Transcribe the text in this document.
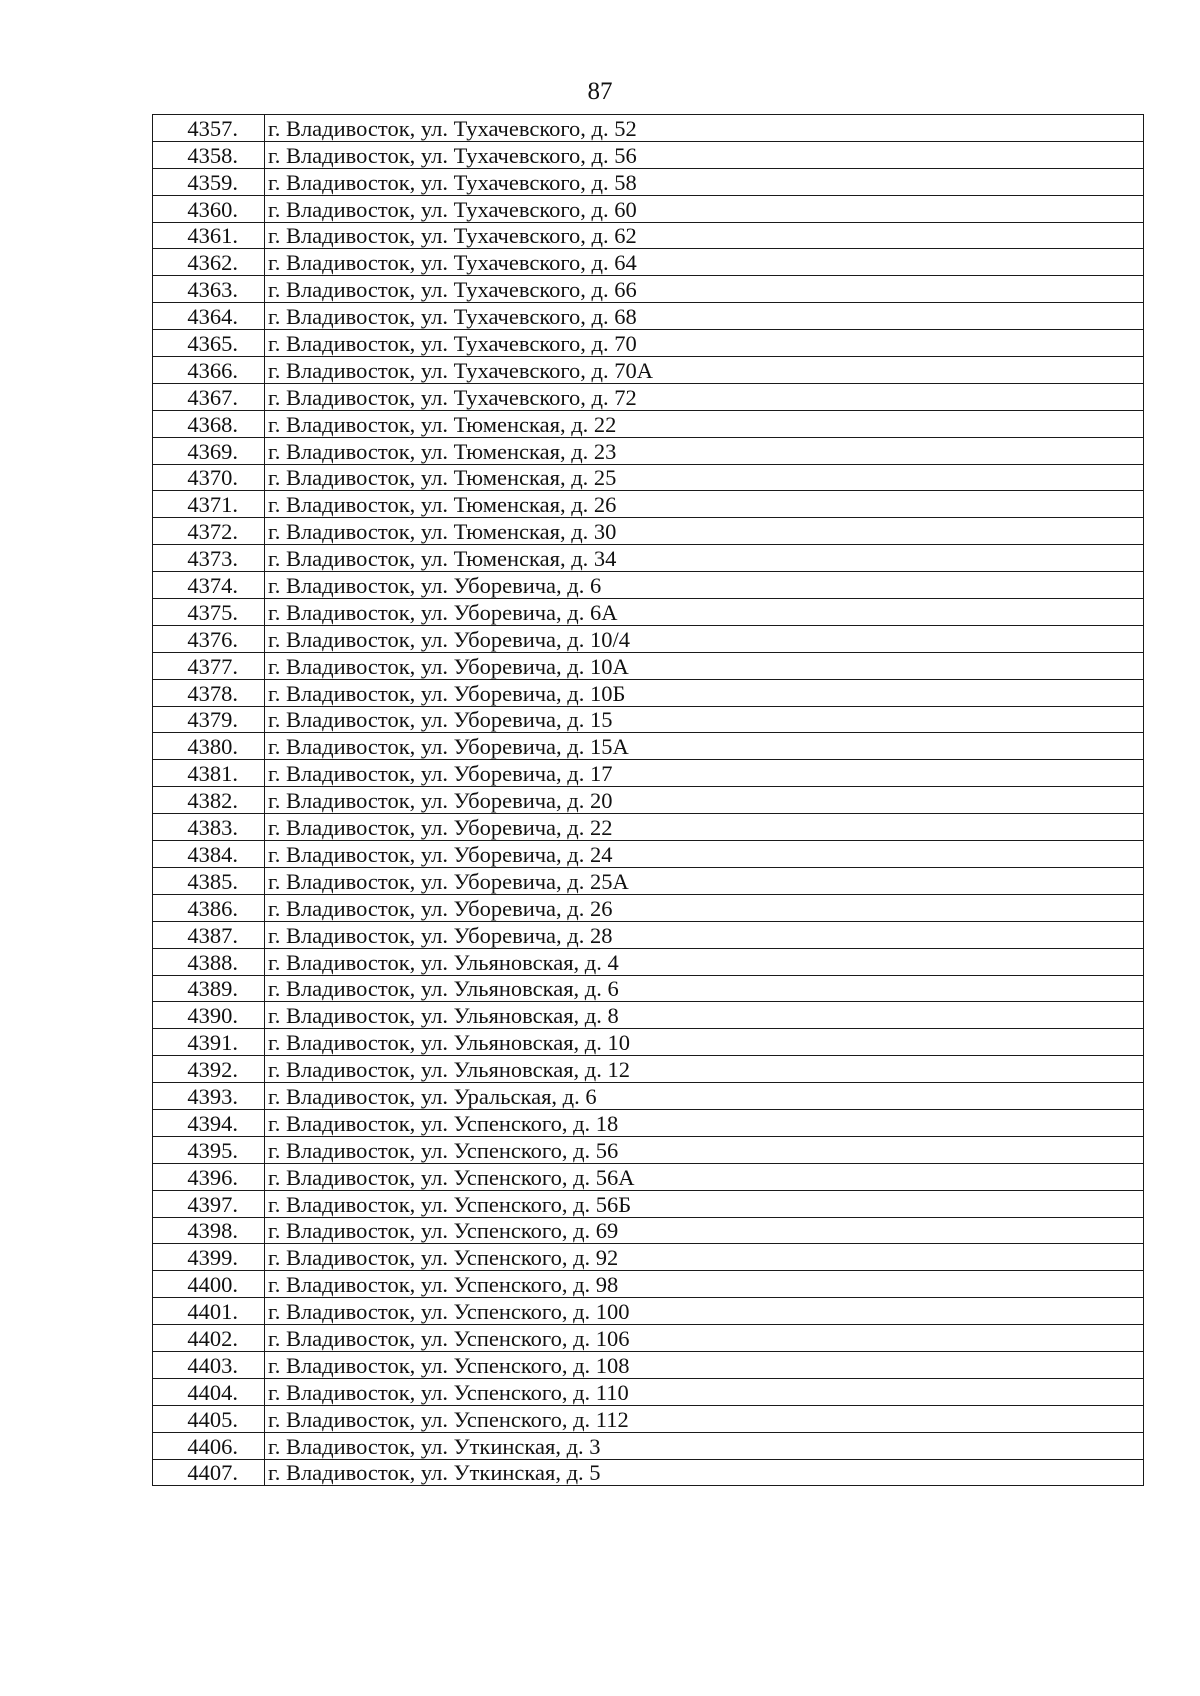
87
4357.	г. Владивосток, ул. Тухачевского, д. 52
4358.	г. Владивосток, ул. Тухачевского, д. 56
4359.	г. Владивосток, ул. Тухачевского, д. 58
4360.	г. Владивосток, ул. Тухачевского, д. 60
4361.	г. Владивосток, ул. Тухачевского, д. 62
4362.	г. Владивосток, ул. Тухачевского, д. 64
4363.	г. Владивосток, ул. Тухачевского, д. 66
4364.	г. Владивосток, ул. Тухачевского, д. 68
4365.	г. Владивосток, ул. Тухачевского, д. 70
4366.	г. Владивосток, ул. Тухачевского, д. 70А
4367.	г. Владивосток, ул. Тухачевского, д. 72
4368.	г. Владивосток, ул. Тюменская, д. 22
4369.	г. Владивосток, ул. Тюменская, д. 23
4370.	г. Владивосток, ул. Тюменская, д. 25
4371.	г. Владивосток, ул. Тюменская, д. 26
4372.	г. Владивосток, ул. Тюменская, д. 30
4373.	г. Владивосток, ул. Тюменская, д. 34
4374.	г. Владивосток, ул. Уборевича, д. 6
4375.	г. Владивосток, ул. Уборевича, д. 6А
4376.	г. Владивосток, ул. Уборевича, д. 10/4
4377.	г. Владивосток, ул. Уборевича, д. 10А
4378.	г. Владивосток, ул. Уборевича, д. 10Б
4379.	г. Владивосток, ул. Уборевича, д. 15
4380.	г. Владивосток, ул. Уборевича, д. 15А
4381.	г. Владивосток, ул. Уборевича, д. 17
4382.	г. Владивосток, ул. Уборевича, д. 20
4383.	г. Владивосток, ул. Уборевича, д. 22
4384.	г. Владивосток, ул. Уборевича, д. 24
4385.	г. Владивосток, ул. Уборевича, д. 25А
4386.	г. Владивосток, ул. Уборевича, д. 26
4387.	г. Владивосток, ул. Уборевича, д. 28
4388.	г. Владивосток, ул. Ульяновская, д. 4
4389.	г. Владивосток, ул. Ульяновская, д. 6
4390.	г. Владивосток, ул. Ульяновская, д. 8
4391.	г. Владивосток, ул. Ульяновская, д. 10
4392.	г. Владивосток, ул. Ульяновская, д. 12
4393.	г. Владивосток, ул. Уральская, д. 6
4394.	г. Владивосток, ул. Успенского, д. 18
4395.	г. Владивосток, ул. Успенского, д. 56
4396.	г. Владивосток, ул. Успенского, д. 56А
4397.	г. Владивосток, ул. Успенского, д. 56Б
4398.	г. Владивосток, ул. Успенского, д. 69
4399.	г. Владивосток, ул. Успенского, д. 92
4400.	г. Владивосток, ул. Успенского, д. 98
4401.	г. Владивосток, ул. Успенского, д. 100
4402.	г. Владивосток, ул. Успенского, д. 106
4403.	г. Владивосток, ул. Успенского, д. 108
4404.	г. Владивосток, ул. Успенского, д. 110
4405.	г. Владивосток, ул. Успенского, д. 112
4406.	г. Владивосток, ул. Уткинская, д. 3
4407.	г. Владивосток, ул. Уткинская, д. 5
